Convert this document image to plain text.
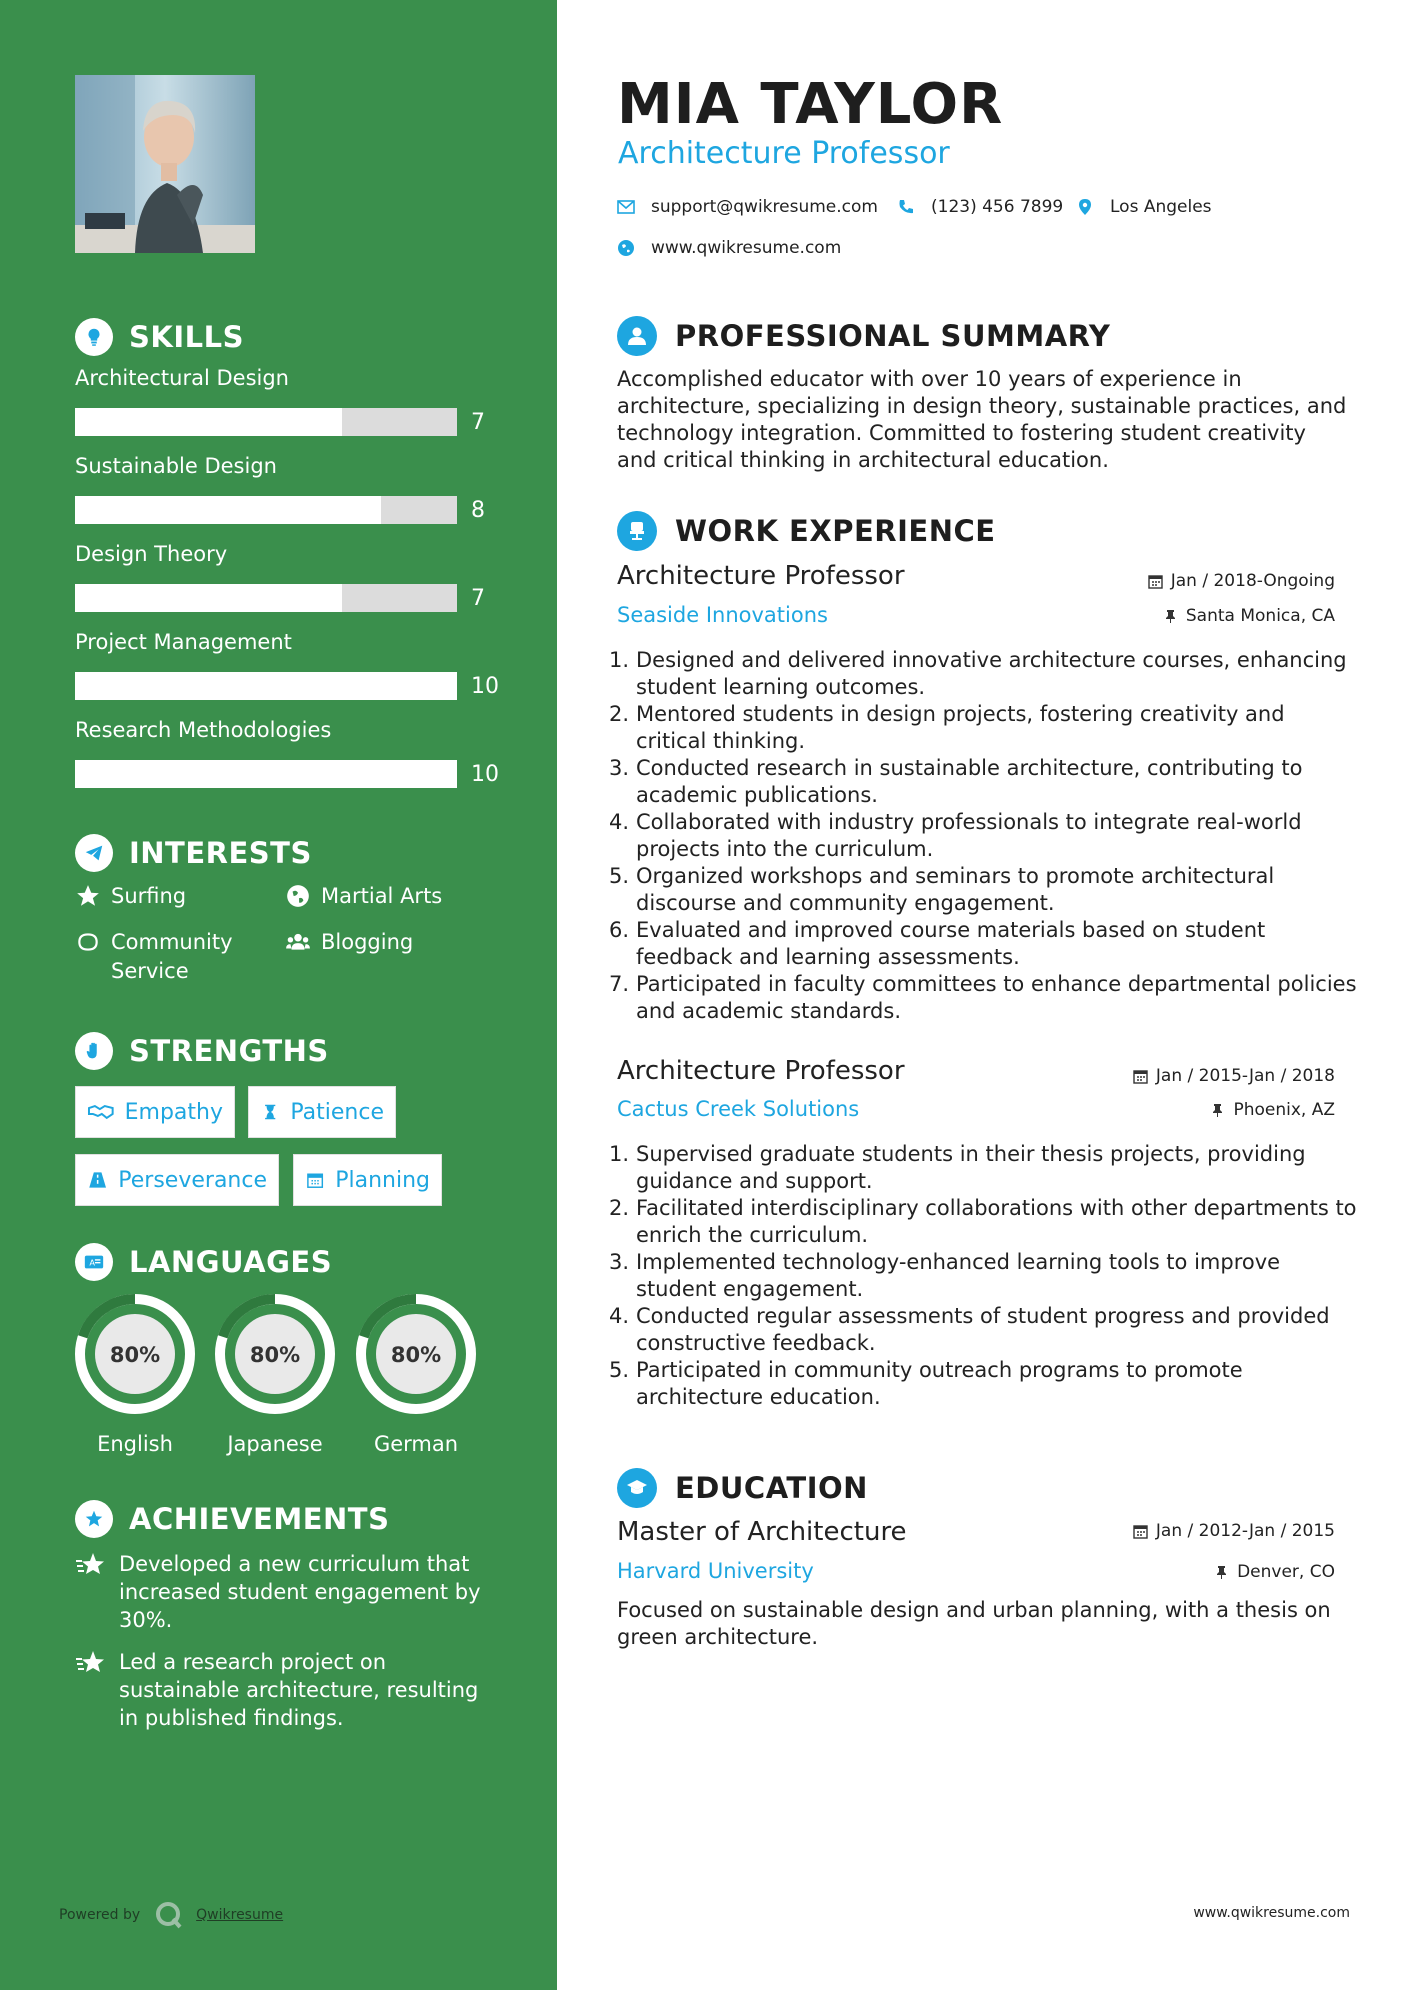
SKILLS
Architectural Design
7
Sustainable Design
8
Design Theory
7
Project Management
10
Research Methodologies
10
INTERESTS
Surfing	Martial Arts
Community Service
Blogging
STRENGTHS
Empathy	Patience
Perseverance	Planning
A LANGUAGES
80%
English
80%
Japanese
80%
German
ACHIEVEMENTS
Developed a new curriculum that increased student engagement by 30%.
Led a research project on sustainable architecture, resulting in published findings.
Powered by	Qwikresume
MIA TAYLOR
Architecture Professor
support@qwikresume.com	(123) 456 7899	Los Angeles
www.qwikresume.com
PROFESSIONAL SUMMARY
Accomplished educator with over 10 years of experience in architecture, specializing in design theory, sustainable practices, and technology integration. Committed to fostering student creativity and critical thinking in architectural education.
WORK EXPERIENCE
Architecture Professor	Jan / 2018-Ongoing
Seaside Innovations	Santa Monica, CA
1. Designed and delivered innovative architecture courses, enhancing student learning outcomes.
2. Mentored students in design projects, fostering creativity and critical thinking.
3. Conducted research in sustainable architecture, contributing to academic publications.
4. Collaborated with industry professionals to integrate real-world projects into the curriculum.
5. Organized workshops and seminars to promote architectural discourse and community engagement.
6. Evaluated and improved course materials based on student feedback and learning assessments.
7. Participated in faculty committees to enhance departmental policies and academic standards.
Architecture Professor	Jan / 2015-Jan / 2018
Cactus Creek Solutions	Phoenix, AZ
1. Supervised graduate students in their thesis projects, providing guidance and support.
2. Facilitated interdisciplinary collaborations with other departments to enrich the curriculum.
3. Implemented technology-enhanced learning tools to improve student engagement.
4. Conducted regular assessments of student progress and provided constructive feedback.
5. Participated in community outreach programs to promote architecture education.
EDUCATION
Master of Architecture	Jan / 2012-Jan / 2015
Harvard University	Denver, CO
Focused on sustainable design and urban planning, with a thesis on green architecture.
www.qwikresume.com
